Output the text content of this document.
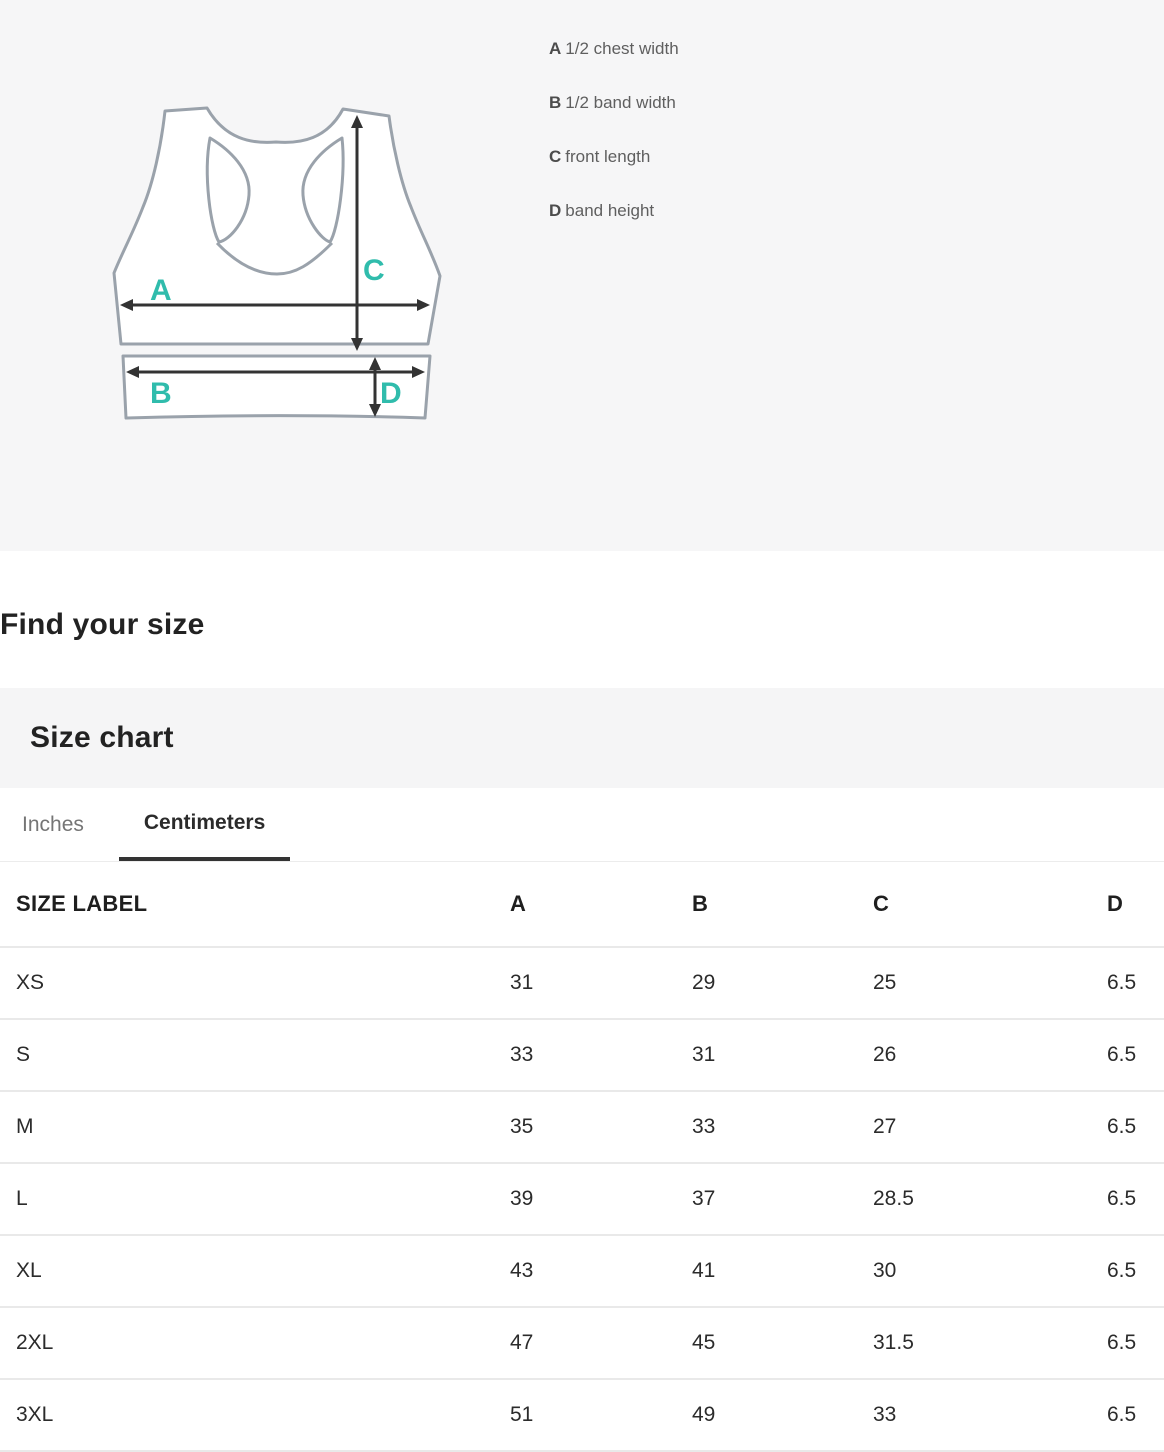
A
C
B	D
A 1/2 chest width
B 1/2 band width
C front length
D band height
Find your size
Size chart
Inches	Centimeters
SIZE LABEL	A	B	C	D
XS	31	29	25	6.5
S	33	31	26	6.5
M	35	33	27	6.5
L	39	37	28.5	6.5
XL	43	41	30	6.5
2XL	47	45	31.5	6.5
3XL	51	49	33	6.5
